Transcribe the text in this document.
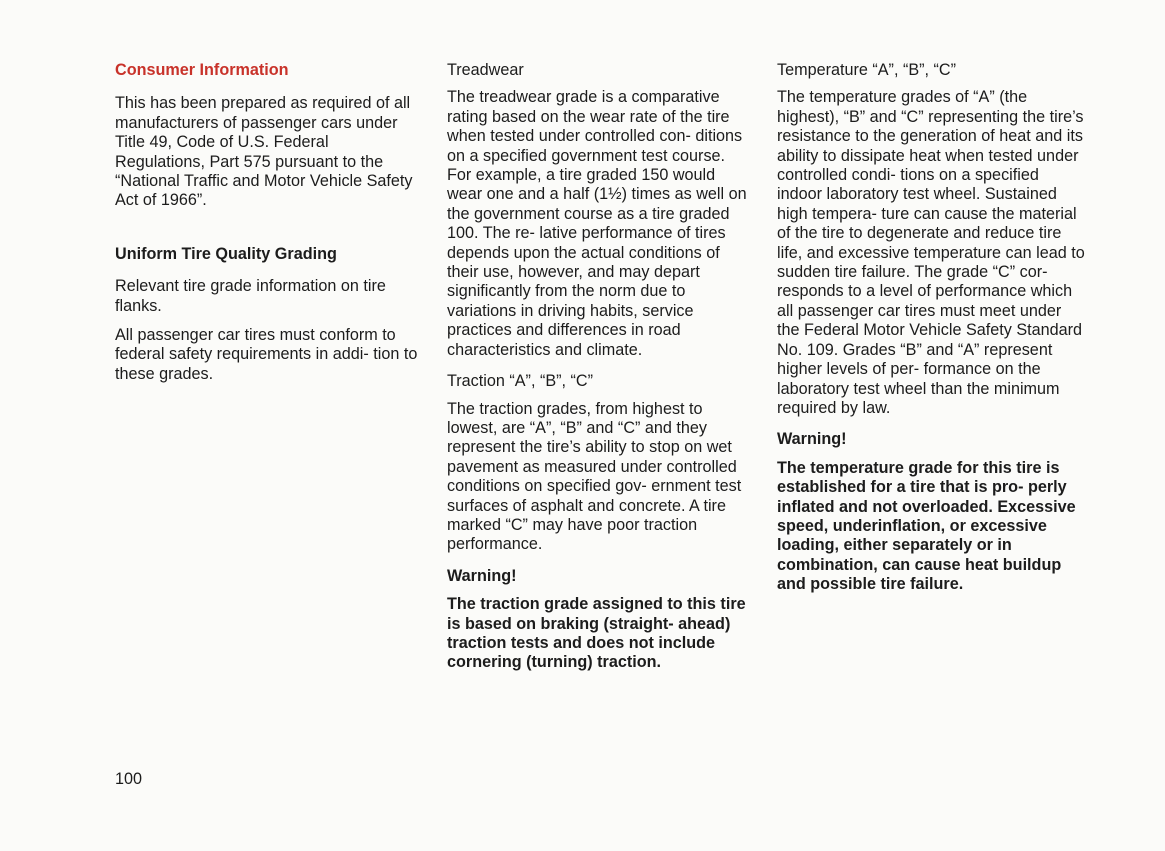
Consumer Information

This has been prepared as required of all manufacturers of passenger cars under Title 49, Code of U.S. Federal Regulations, Part 575 pursuant to the “National Traffic and Motor Vehicle Safety Act of 1966”.

Uniform Tire Quality Grading

Relevant tire grade information on tire flanks.

All passenger car tires must conform to federal safety requirements in addi- tion to these grades.

Treadwear

The treadwear grade is a comparative rating based on the wear rate of the tire when tested under controlled con- ditions on a specified government test course. For example, a tire graded 150 would wear one and a half (1½) times as well on the government course as a tire graded 100. The re- lative performance of tires depends upon the actual conditions of their use, however, and may depart significantly from the norm due to variations in driving habits, service practices and differences in road characteristics and climate.

Traction “A”, “B”, “C”

The traction grades, from highest to lowest, are “A”, “B” and “C” and they represent the tire’s ability to stop on wet pavement as measured under controlled conditions on specified gov- ernment test surfaces of asphalt and concrete. A tire marked “C” may have poor traction performance.

Warning!

The traction grade assigned to this tire is based on braking (straight- ahead) traction tests and does not include cornering (turning) traction.

Temperature “A”, “B”, “C”

The temperature grades of “A” (the highest), “B” and “C” representing the tire’s resistance to the generation of heat and its ability to dissipate heat when tested under controlled condi- tions on a specified indoor laboratory test wheel. Sustained high tempera- ture can cause the material of the tire to degenerate and reduce tire life, and excessive temperature can lead to sudden tire failure. The grade “C” cor- responds to a level of performance which all passenger car tires must meet under the Federal Motor Vehicle Safety Standard No. 109. Grades “B” and “A” represent higher levels of per- formance on the laboratory test wheel than the minimum required by law.

Warning!

The temperature grade for this tire is established for a tire that is pro- perly inflated and not overloaded. Excessive speed, underinflation, or excessive loading, either separately or in combination, can cause heat buildup and possible tire failure.

100
